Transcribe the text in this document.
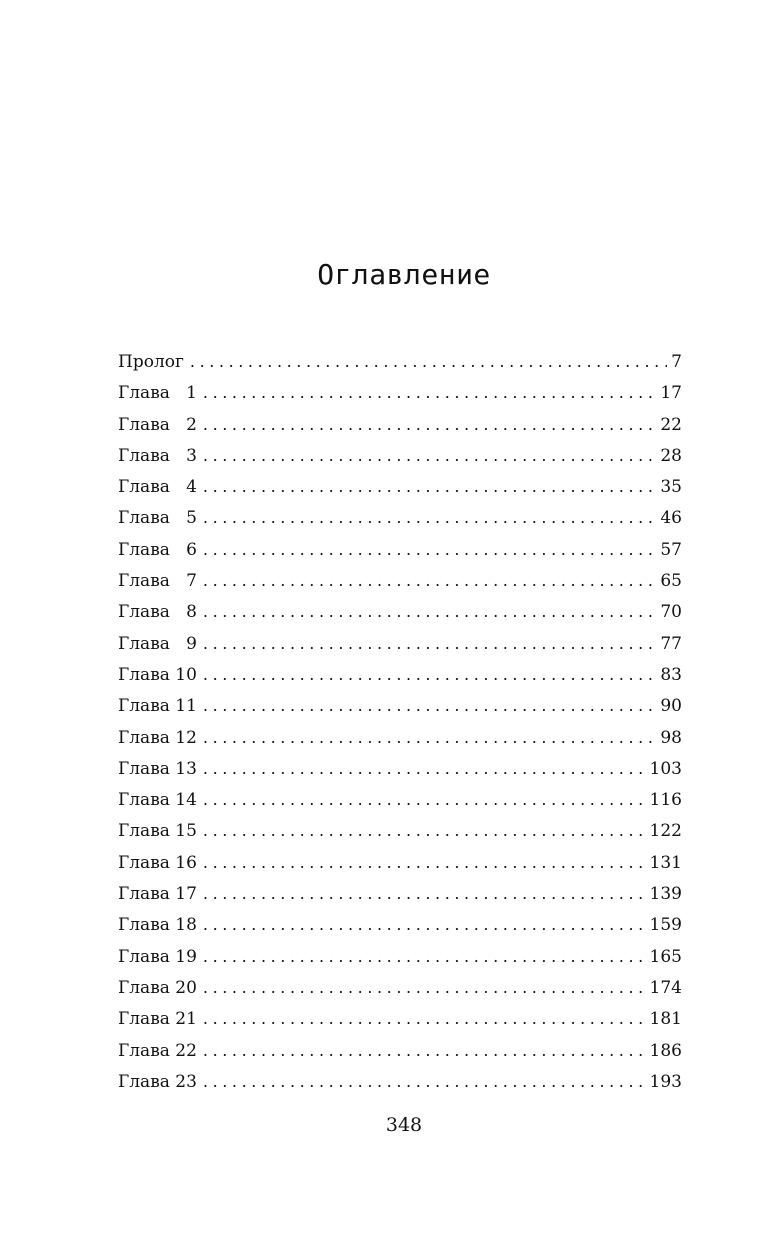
Оглавление
Пролог . . .	7
Глава 1 . . .	17
Глава 2 . . .	22
Глава 3 . . .	28
Глава 4 . . .	35
Глава 5 . . .	46
Глава 6 . . .	57
Глава 7 . . .	65
Глава 8 . . .	70
Глава 9 . . .	77
Глава 10 . . .	83
Глава 11 . . .	90
Глава 12 . . .	98
Глава 13 . . .	103
Глава 14 . . .	116
Глава 15 . . .	122
Глава 16 . . .	131
Глава 17 . . .	139
Глава 18 . . .	159
Глава 19 . . .	165
Глава 20 . . .	174
Глава 21 . . .	181
Глава 22 . . .	186
Глава 23 . . .	193
348
